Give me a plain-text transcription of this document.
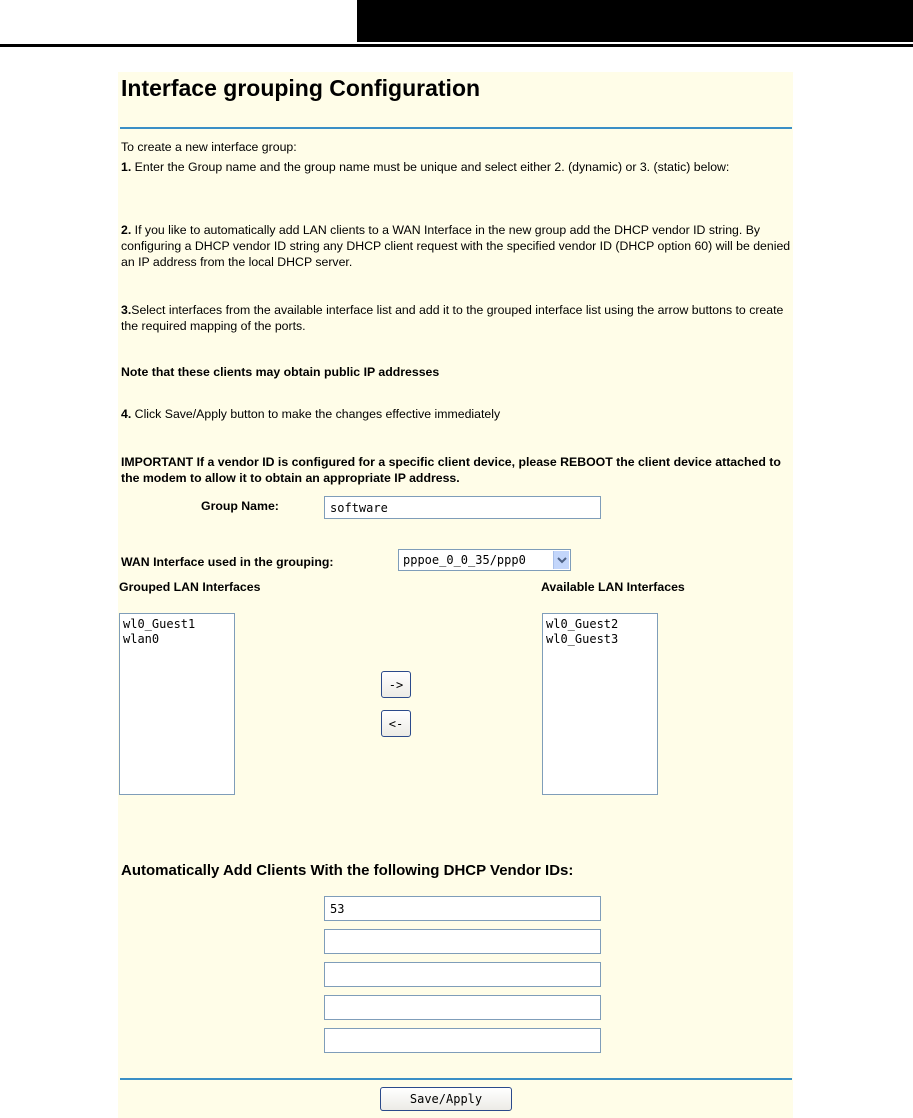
Interface grouping Configuration

To create a new interface group:

1. Enter the Group name and the group name must be unique and select either 2. (dynamic) or 3. (static) below:

2. If you like to automatically add LAN clients to a WAN Interface in the new group add the DHCP vendor ID string. By configuring a DHCP vendor ID string any DHCP client request with the specified vendor ID (DHCP option 60) will be denied an IP address from the local DHCP server.

3.Select interfaces from the available interface list and add it to the grouped interface list using the arrow buttons to create the required mapping of the ports.

Note that these clients may obtain public IP addresses

4. Click Save/Apply button to make the changes effective immediately

IMPORTANT If a vendor ID is configured for a specific client device, please REBOOT the client device attached to the modem to allow it to obtain an appropriate IP address.

Group Name:
software
WAN Interface used in the grouping:	pppoe_0_0_35/ppp0
Grouped LAN Interfaces	Available LAN Interfaces
wl0_Guest1
wlan0
->
<-
wl0_Guest2
wl0_Guest3
Automatically Add Clients With the following DHCP Vendor IDs:
53
Save/Apply
